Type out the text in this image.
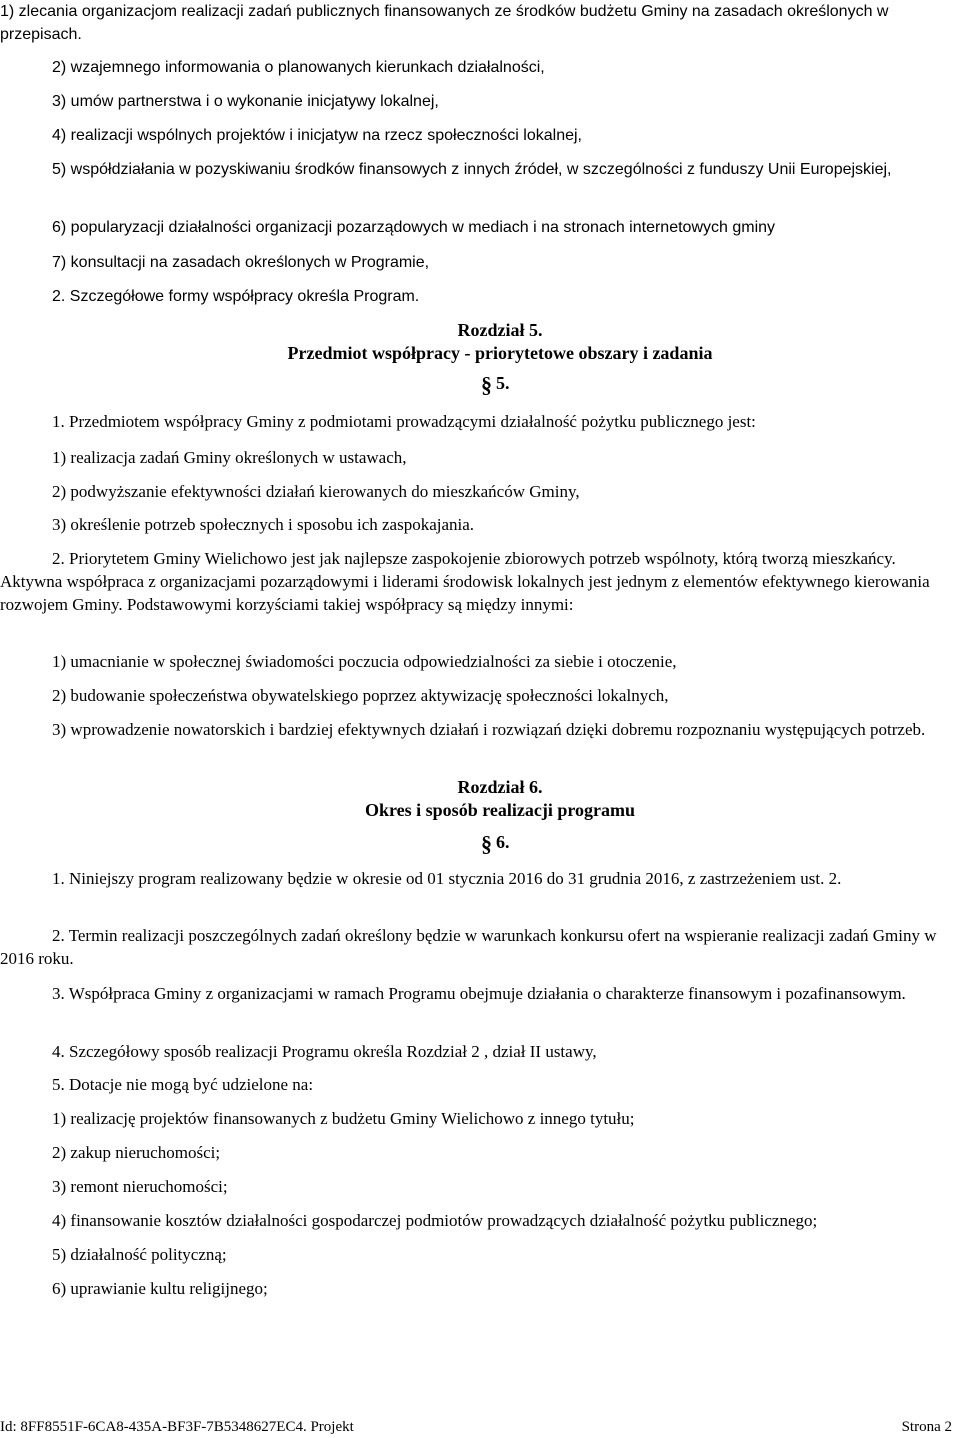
1) zlecania organizacjom realizacji zadań publicznych finansowanych ze środków budżetu Gminy na zasadach określonych w przepisach.

2) wzajemnego informowania o planowanych kierunkach działalności,

3) umów partnerstwa i o wykonanie inicjatywy lokalnej,

4) realizacji wspólnych projektów i inicjatyw na rzecz społeczności lokalnej,

5) współdziałania w pozyskiwaniu środków finansowych z innych źródeł, w szczególności z funduszy Unii Europejskiej,

6) popularyzacji działalności organizacji pozarządowych w mediach i na stronach internetowych gminy

7) konsultacji na zasadach określonych w Programie,

2. Szczegółowe formy współpracy określa Program.

Rozdział 5.

Przedmiot współpracy - priorytetowe obszary i zadania

§ 5.

1. Przedmiotem współpracy Gminy z podmiotami prowadzącymi działalność pożytku publicznego jest:

1) realizacja zadań Gminy określonych w ustawach,

2) podwyższanie efektywności działań kierowanych do mieszkańców Gminy,

3) określenie potrzeb społecznych i sposobu ich zaspokajania.

2. Priorytetem Gminy Wielichowo jest jak najlepsze zaspokojenie zbiorowych potrzeb wspólnoty, którą tworzą mieszkańcy. Aktywna współpraca z organizacjami pozarządowymi i liderami środowisk lokalnych jest jednym z elementów efektywnego kierowania rozwojem Gminy. Podstawowymi korzyściami takiej współpracy są między innymi:

1) umacnianie w społecznej świadomości poczucia odpowiedzialności za siebie i otoczenie,

2) budowanie społeczeństwa obywatelskiego poprzez aktywizację społeczności lokalnych,

3) wprowadzenie nowatorskich i bardziej efektywnych działań i rozwiązań dzięki dobremu rozpoznaniu występujących potrzeb.

Rozdział 6.

Okres i sposób realizacji programu

§ 6.

1. Niniejszy program realizowany będzie w okresie od 01 stycznia 2016 do 31 grudnia 2016, z zastrzeżeniem ust. 2.

2. Termin realizacji poszczególnych zadań określony będzie w warunkach konkursu ofert na wspieranie realizacji zadań Gminy w 2016 roku.

3. Współpraca Gminy z organizacjami w ramach Programu obejmuje działania o charakterze finansowym i pozafinansowym.

4. Szczegółowy sposób realizacji Programu określa Rozdział 2 , dział II ustawy,

5. Dotacje nie mogą być udzielone na:

1) realizację projektów finansowanych z budżetu Gminy Wielichowo z innego tytułu;

2) zakup nieruchomości;

3) remont nieruchomości;

4) finansowanie kosztów działalności gospodarczej podmiotów prowadzących działalność pożytku publicznego;

5) działalność polityczną;

6) uprawianie kultu religijnego;

Id: 8FF8551F-6CA8-435A-BF3F-7B5348627EC4. Projekt	Strona 2
